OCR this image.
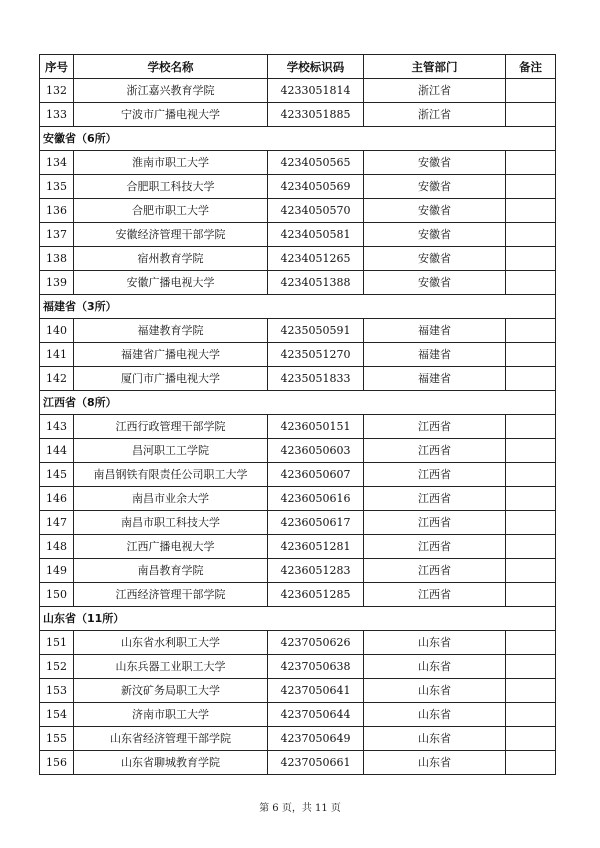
序号	学校名称	学校标识码	主管部门	备注
132	浙江嘉兴教育学院	4233051814	浙江省	
133	宁波市广播电视大学	4233051885	浙江省	
安徽省（6所）				
134	淮南市职工大学	4234050565	安徽省	
135	合肥职工科技大学	4234050569	安徽省	
136	合肥市职工大学	4234050570	安徽省	
137	安徽经济管理干部学院	4234050581	安徽省	
138	宿州教育学院	4234051265	安徽省	
139	安徽广播电视大学	4234051388	安徽省	
福建省（3所）				
140	福建教育学院	4235050591	福建省	
141	福建省广播电视大学	4235051270	福建省	
142	厦门市广播电视大学	4235051833	福建省	
江西省（8所）				
143	江西行政管理干部学院	4236050151	江西省	
144	昌河职工工学院	4236050603	江西省	
145	南昌钢铁有限责任公司职工大学	4236050607	江西省	
146	南昌市业余大学	4236050616	江西省	
147	南昌市职工科技大学	4236050617	江西省	
148	江西广播电视大学	4236051281	江西省	
149	南昌教育学院	4236051283	江西省	
150	江西经济管理干部学院	4236051285	江西省	
山东省（11所）				
151	山东省水利职工大学	4237050626	山东省	
152	山东兵器工业职工大学	4237050638	山东省	
153	新汶矿务局职工大学	4237050641	山东省	
154	济南市职工大学	4237050644	山东省	
155	山东省经济管理干部学院	4237050649	山东省	
156	山东省聊城教育学院	4237050661	山东省	
第 6 页，共 11 页
